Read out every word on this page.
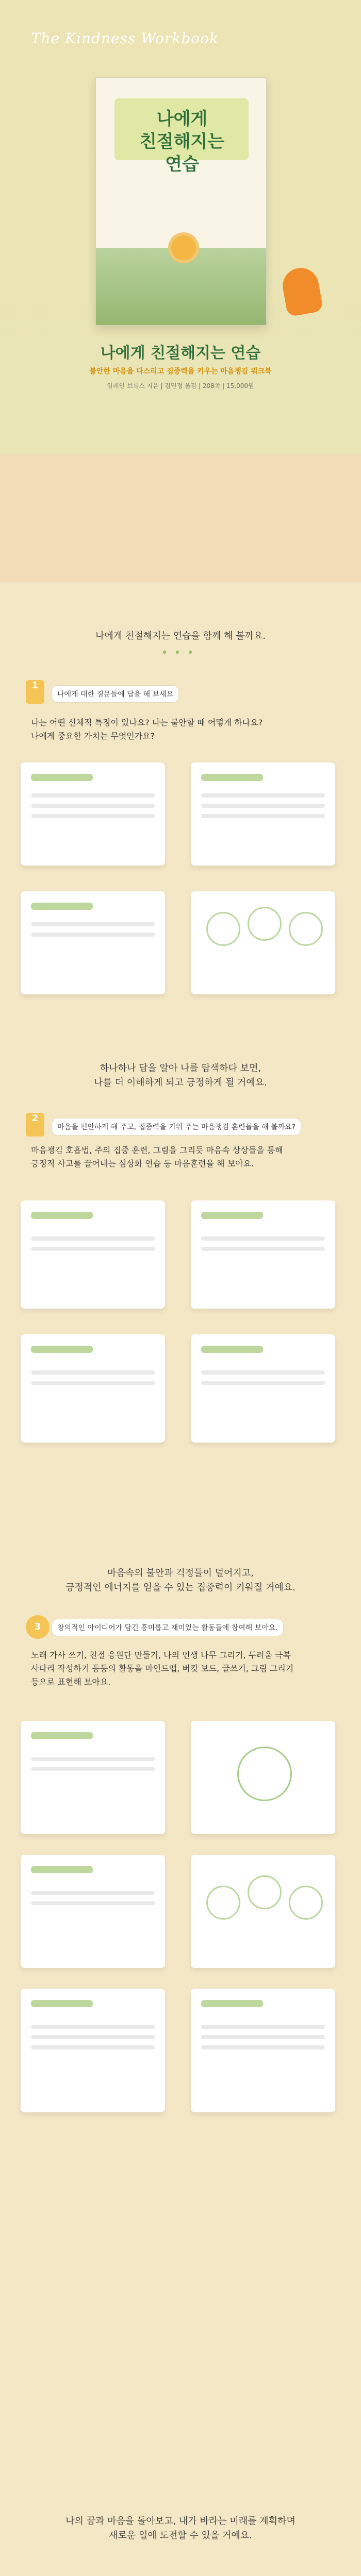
The Kindness Workbook
나에게
친절해지는
연습
나에게 친절해지는 연습
불안한 마음을 다스리고 집중력을 키우는 마음챙김 워크북
일레인 브룩스 지음 | 김민정 옮김 | 208쪽 | 15,000원
나에게 친절해지는 연습을 함께 해 볼까요.
•••
1
나에게 대한 질문들에 답을 해 보세요
나는 어떤 신체적 특징이 있나요? 나는 불안할 때 어떻게 하나요?
나에게 중요한 가치는 무엇인가요?
하나하나 답을 알아 나를 탐색하다 보면,
나를 더 이해하게 되고 긍정하게 될 거예요.
2
마음을 편안하게 해 주고, 집중력을 키워 주는 마음챙김 훈련들을 해 볼까요?
마음챙김 호흡법, 주의 집중 훈련, 그림을 그리듯 마음속 상상들을 통해
긍정적 사고를 끌어내는 심상화 연습 등 마음훈련을 해 보아요.
마음속의 불안과 걱정들이 덜어지고,
긍정적인 에너지를 얻을 수 있는 집중력이 키워질 거예요.
3	창의적인 아이디어가 담긴 흥미롭고 재미있는 활동들에 참여해 보아요.
노래 가사 쓰기, 친절 응원단 만들기, 나의 인생 나무 그리기, 두려움 극복
사다리 작성하기 등등의 활동을 마인드맵, 버킷 보드, 글쓰기, 그림 그리기
등으로 표현해 보아요.
나의 꿈과 마음을 돌아보고, 내가 바라는 미래를 계획하며
새로운 일에 도전할 수 있을 거예요.
